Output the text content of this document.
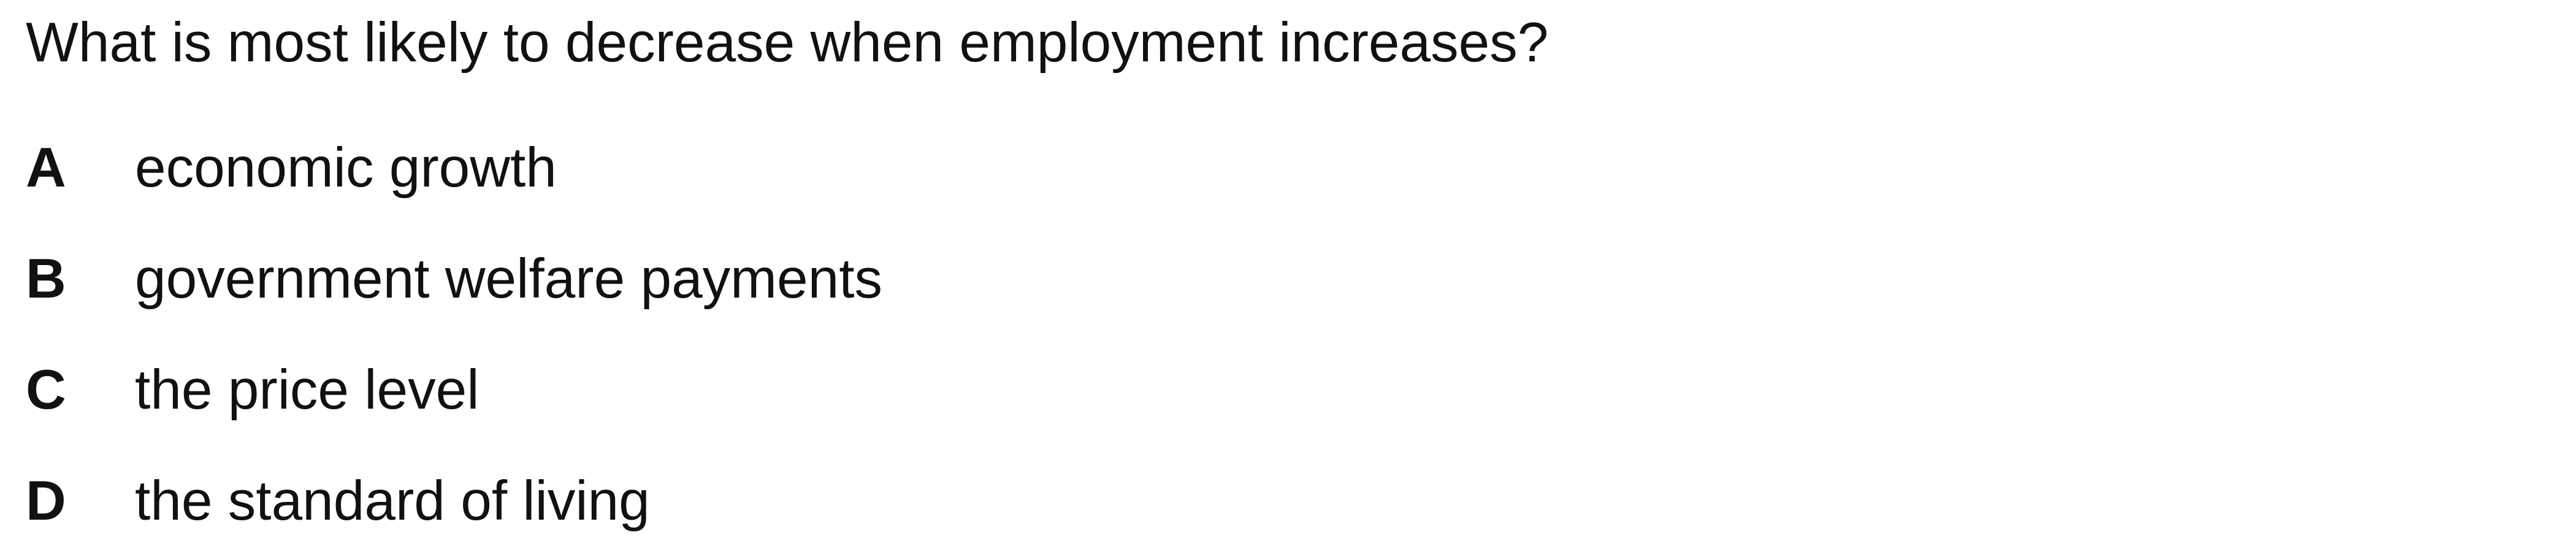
What is most likely to decrease when employment increases?
A economic growth
B government welfare payments
C the price level
D the standard of living
